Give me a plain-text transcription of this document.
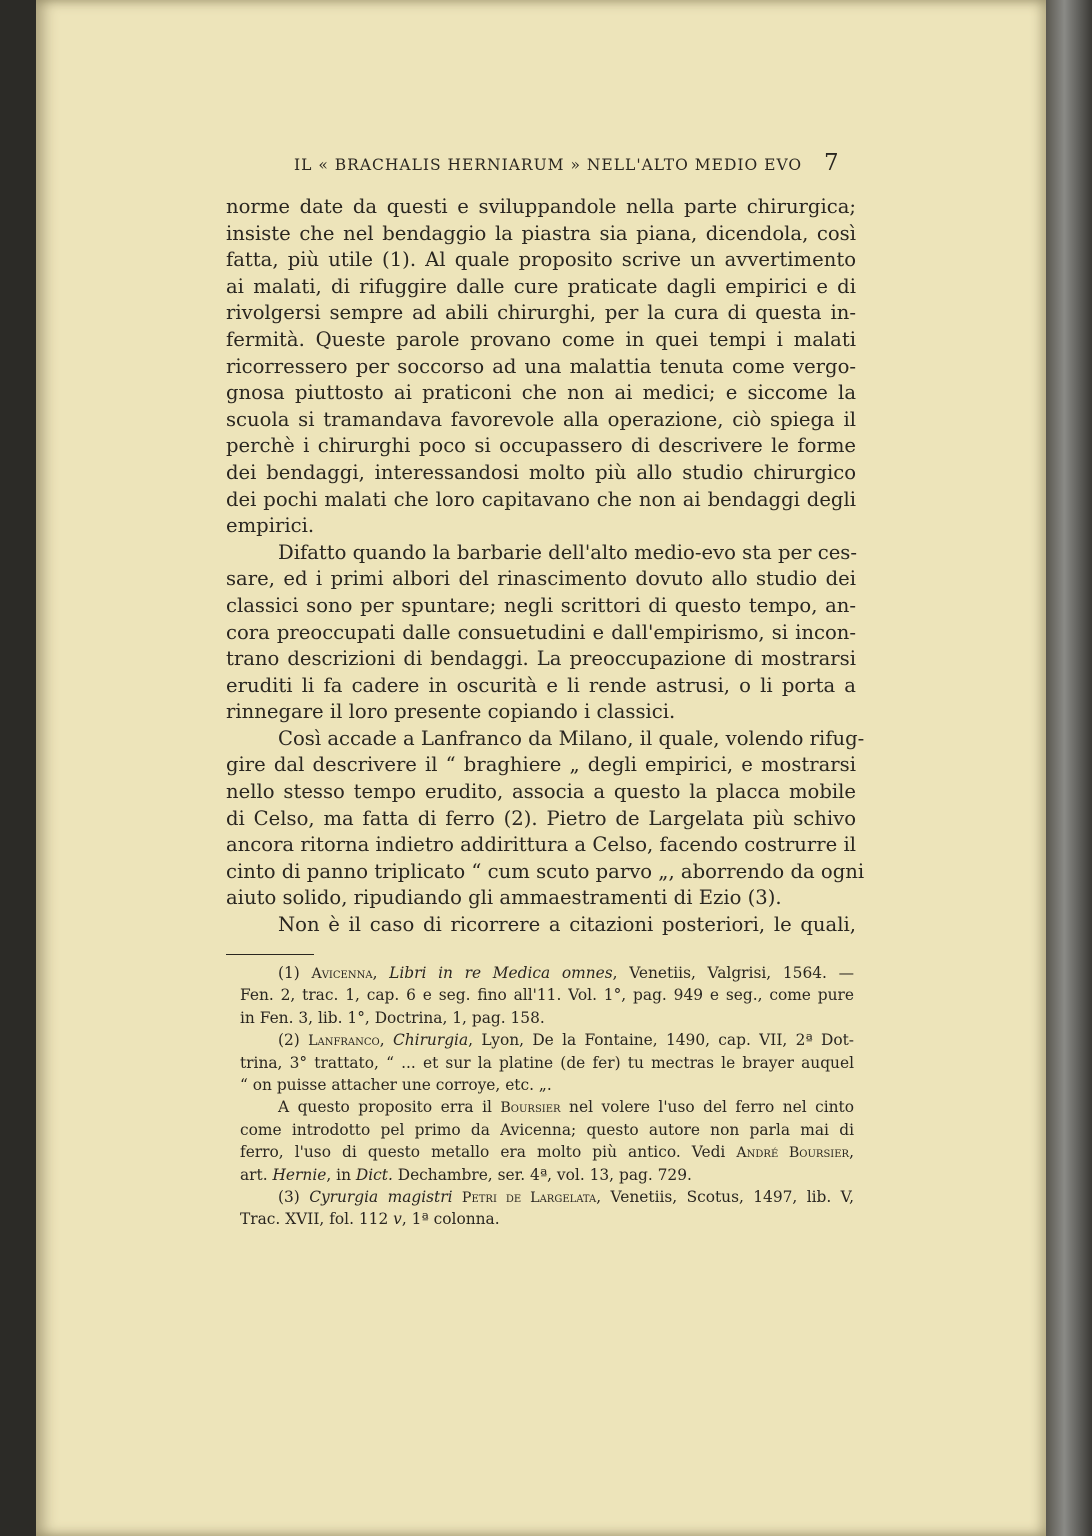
IL « BRACHALIS HERNIARUM » NELL'ALTO MEDIO EVO 7
norme date da questi e sviluppandole nella parte chirurgica;
insiste che nel bendaggio la piastra sia piana, dicendola, così
fatta, più utile (1). Al quale proposito scrive un avvertimento
ai malati, di rifuggire dalle cure praticate dagli empirici e di
rivolgersi sempre ad abili chirurghi, per la cura di questa in-
fermità. Queste parole provano come in quei tempi i malati
ricorressero per soccorso ad una malattia tenuta come vergo-
gnosa piuttosto ai praticoni che non ai medici; e siccome la
scuola si tramandava favorevole alla operazione, ciò spiega il
perchè i chirurghi poco si occupassero di descrivere le forme
dei bendaggi, interessandosi molto più allo studio chirurgico
dei pochi malati che loro capitavano che non ai bendaggi degli
empirici.
Difatto quando la barbarie dell'alto medio-evo sta per ces-
sare, ed i primi albori del rinascimento dovuto allo studio dei
classici sono per spuntare; negli scrittori di questo tempo, an-
cora preoccupati dalle consuetudini e dall'empirismo, si incon-
trano descrizioni di bendaggi. La preoccupazione di mostrarsi
eruditi li fa cadere in oscurità e li rende astrusi, o li porta a
rinnegare il loro presente copiando i classici.
Così accade a Lanfranco da Milano, il quale, volendo rifug-
gire dal descrivere il “ braghiere „ degli empirici, e mostrarsi
nello stesso tempo erudito, associa a questo la placca mobile
di Celso, ma fatta di ferro (2). Pietro de Largelata più schivo
ancora ritorna indietro addirittura a Celso, facendo costrurre il
cinto di panno triplicato “ cum scuto parvo „, aborrendo da ogni
aiuto solido, ripudiando gli ammaestramenti di Ezio (3).
Non è il caso di ricorrere a citazioni posteriori, le quali,
(1) Avicenna, Libri in re Medica omnes, Venetiis, Valgrisi, 1564. —
Fen. 2, trac. 1, cap. 6 e seg. fino all'11. Vol. 1°, pag. 949 e seg., come pure
in Fen. 3, lib. 1°, Doctrina, 1, pag. 158.
(2) Lanfranco, Chirurgia, Lyon, De la Fontaine, 1490, cap. VII, 2ª Dot-
trina, 3° trattato, “ ... et sur la platine (de fer) tu mectras le brayer auquel
“ on puisse attacher une corroye, etc. „.
A questo proposito erra il Boursier nel volere l'uso del ferro nel cinto
come introdotto pel primo da Avicenna; questo autore non parla mai di
ferro, l'uso di questo metallo era molto più antico. Vedi André Boursier,
art. Hernie, in Dict. Dechambre, ser. 4ª, vol. 13, pag. 729.
(3) Cyrurgia magistri Petri de Largelata, Venetiis, Scotus, 1497, lib. V,
Trac. XVII, fol. 112 v, 1ª colonna.
